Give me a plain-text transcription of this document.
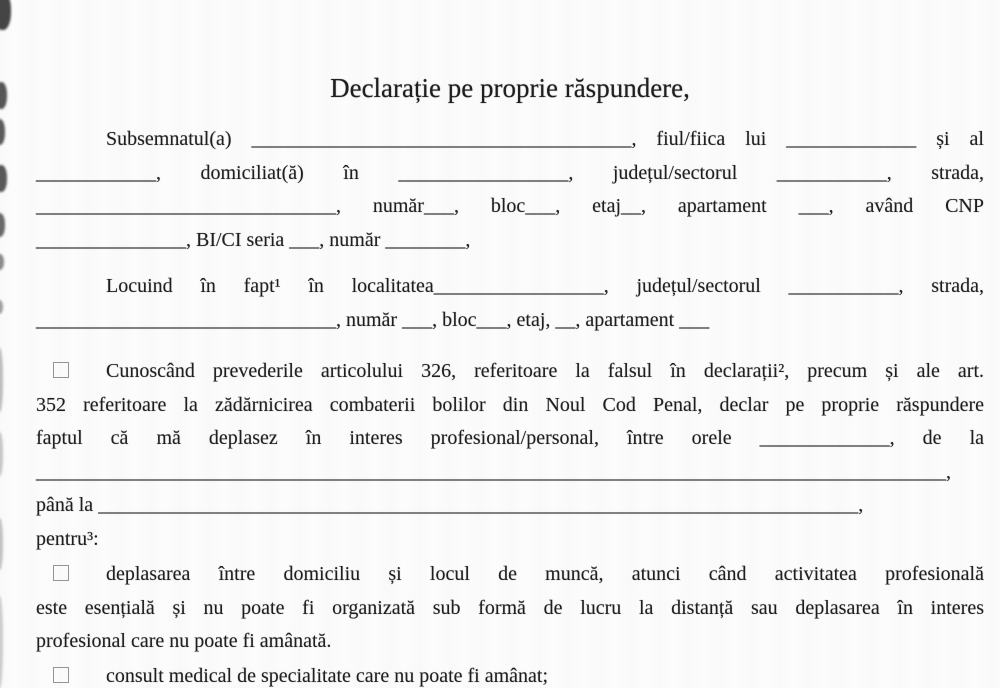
Declarație pe proprie răspundere,
Subsemnatul(a) ______________________________________, fiul/fiica lui _____________ și al
____________, domiciliat(ă) în _________________, județul/sectorul ___________, strada,
______________________________, număr___, bloc___, etaj__, apartament ___, având CNP
_______________, BI/CI seria ___, număr ________,
Locuind în fapt¹ în localitatea_________________, județul/sectorul ___________, strada,
______________________________, număr ___, bloc___, etaj, __, apartament ___
Cunoscând prevederile articolului 326, referitoare la falsul în declarații², precum și ale art.
352 referitoare la zădărnicirea combaterii bolilor din Noul Cod Penal, declar pe proprie răspundere
faptul că mă deplasez în interes profesional/personal, între orele _____________, de la
___________________________________________________________________________________________,
până la ____________________________________________________________________________,
pentru³:
deplasarea între domiciliu și locul de muncă, atunci când activitatea profesională
este esențială și nu poate fi organizată sub formă de lucru la distanță sau deplasarea în interes
profesional care nu poate fi amânată.
consult medical de specialitate care nu poate fi amânat;
